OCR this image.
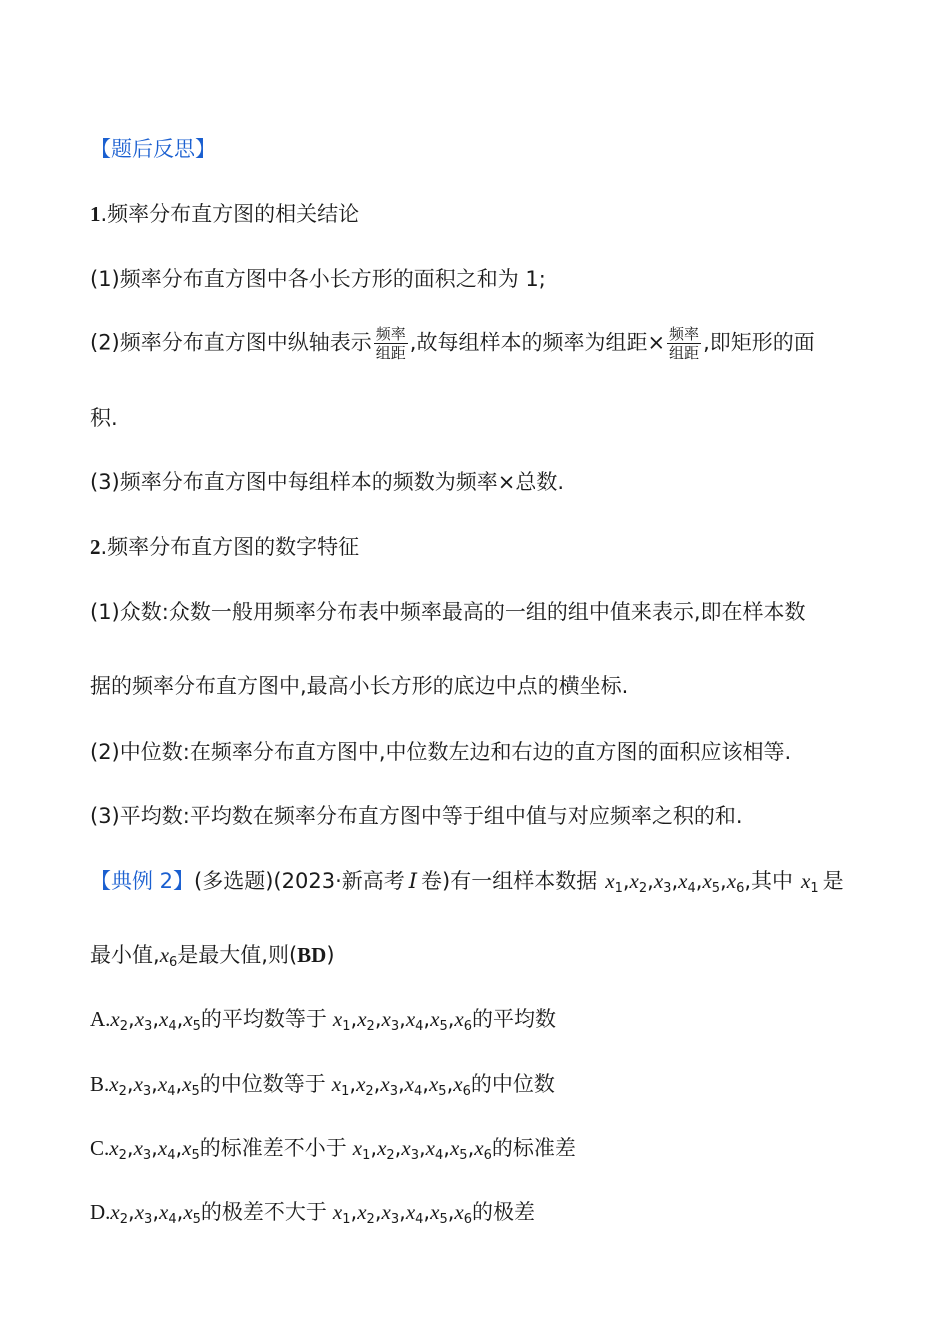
【题后反思】
1.频率分布直方图的相关结论
(1)频率分布直方图中各小长方形的面积之和为 1;
(2)频率分布直方图中纵轴表示 $\frac{\text{频率}}{\text{组距}}$ ,故每组样本的频率为组距× $\frac{\text{频率}}{\text{组距}}$ ,即矩形的面
积.
(3)频率分布直方图中每组样本的频数为频率×总数.
2.频率分布直方图的数字特征
(1)众数:众数一般用频率分布表中频率最高的一组的组中值来表示,即在样本数
据的频率分布直方图中,最高小长方形的底边中点的横坐标.
(2)中位数:在频率分布直方图中,中位数左边和右边的直方图的面积应该相等.
(3)平均数:平均数在频率分布直方图中等于组中值与对应频率之积的和.
【典例 2】(多选题)(2023·新高考 Ⅰ 卷)有一组样本数据 $x_1,x_2,x_3,x_4,x_5,x_6$,其中 $x_1$ 是
最小值$,x_6$是最大值,则(BD)
$A.x_2,x_3,x_4,x_5$的平均数等于 $x_1,x_2,x_3,x_4,x_5,x_6$的平均数
$B.x_2,x_3,x_4,x_5$的中位数等于 $x_1,x_2,x_3,x_4,x_5,x_6$的中位数
$C.x_2,x_3,x_4,x_5$的标准差不小于 $x_1,x_2,x_3,x_4,x_5,x_6$的标准差
$D.x_2,x_3,x_4,x_5$的极差不大于 $x_1,x_2,x_3,x_4,x_5,x_6$的极差
